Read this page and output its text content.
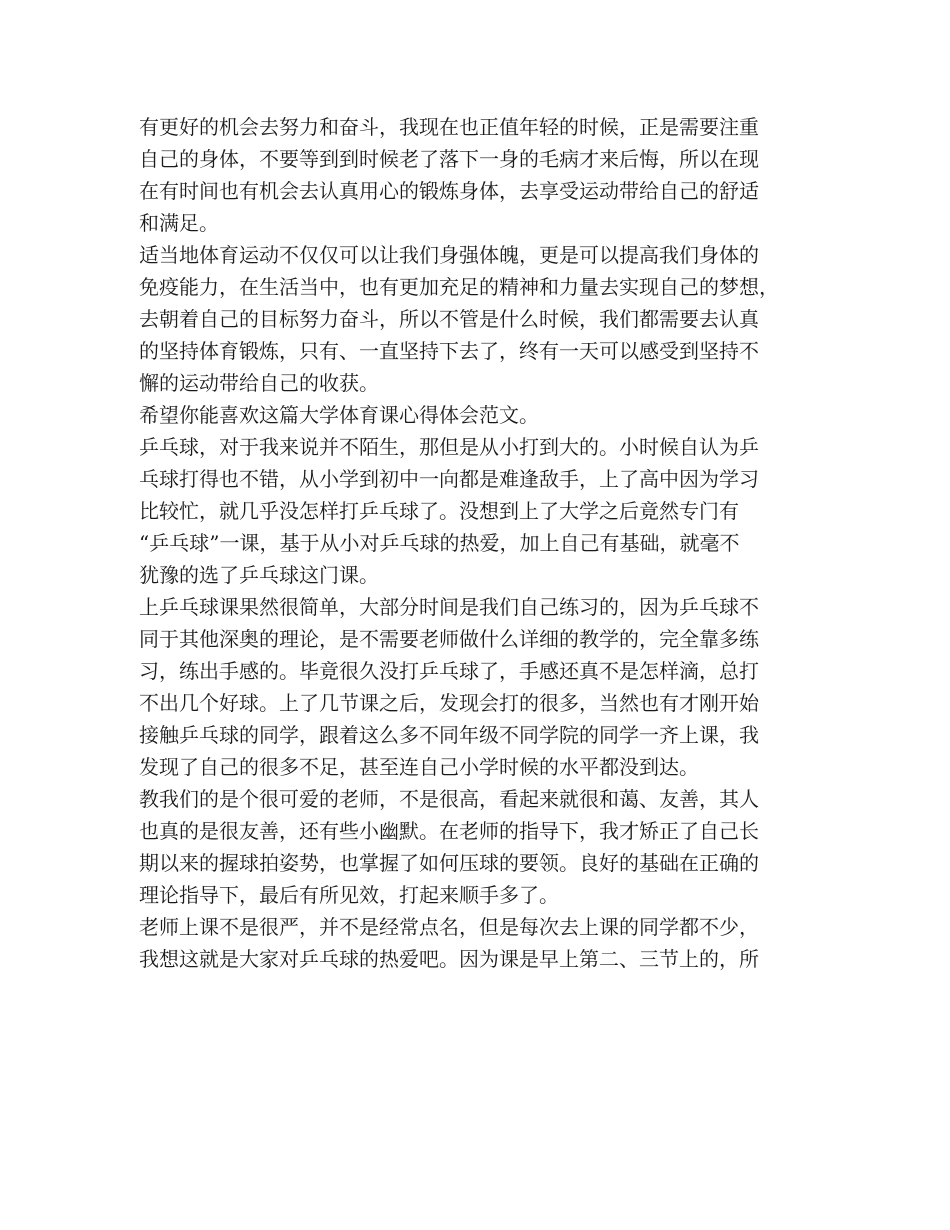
有更好的机会去努力和奋斗，我现在也正值年轻的时候，正是需要注重
自己的身体，不要等到到时候老了落下一身的毛病才来后悔，所以在现
在有时间也有机会去认真用心的锻炼身体，去享受运动带给自己的舒适
和满足。
适当地体育运动不仅仅可以让我们身强体魄，更是可以提高我们身体的
免疫能力，在生活当中，也有更加充足的精神和力量去实现自己的梦想，
去朝着自己的目标努力奋斗，所以不管是什么时候，我们都需要去认真
的坚持体育锻炼，只有、一直坚持下去了，终有一天可以感受到坚持不
懈的运动带给自己的收获。
希望你能喜欢这篇大学体育课心得体会范文。
乒乓球，对于我来说并不陌生，那但是从小打到大的。小时候自认为乒
乓球打得也不错，从小学到初中一向都是难逢敌手，上了高中因为学习
比较忙，就几乎没怎样打乒乓球了。没想到上了大学之后竟然专门有
“乒乓球”一课，基于从小对乒乓球的热爱，加上自己有基础，就毫不
犹豫的选了乒乓球这门课。
上乒乓球课果然很简单，大部分时间是我们自己练习的，因为乒乓球不
同于其他深奥的理论，是不需要老师做什么详细的教学的，完全靠多练
习，练出手感的。毕竟很久没打乒乓球了，手感还真不是怎样滴，总打
不出几个好球。上了几节课之后，发现会打的很多，当然也有才刚开始
接触乒乓球的同学，跟着这么多不同年级不同学院的同学一齐上课，我
发现了自己的很多不足，甚至连自己小学时候的水平都没到达。
教我们的是个很可爱的老师，不是很高，看起来就很和蔼、友善，其人
也真的是很友善，还有些小幽默。在老师的指导下，我才矫正了自己长
期以来的握球拍姿势，也掌握了如何压球的要领。良好的基础在正确的
理论指导下，最后有所见效，打起来顺手多了。
老师上课不是很严，并不是经常点名，但是每次去上课的同学都不少，
我想这就是大家对乒乓球的热爱吧。因为课是早上第二、三节上的，所
